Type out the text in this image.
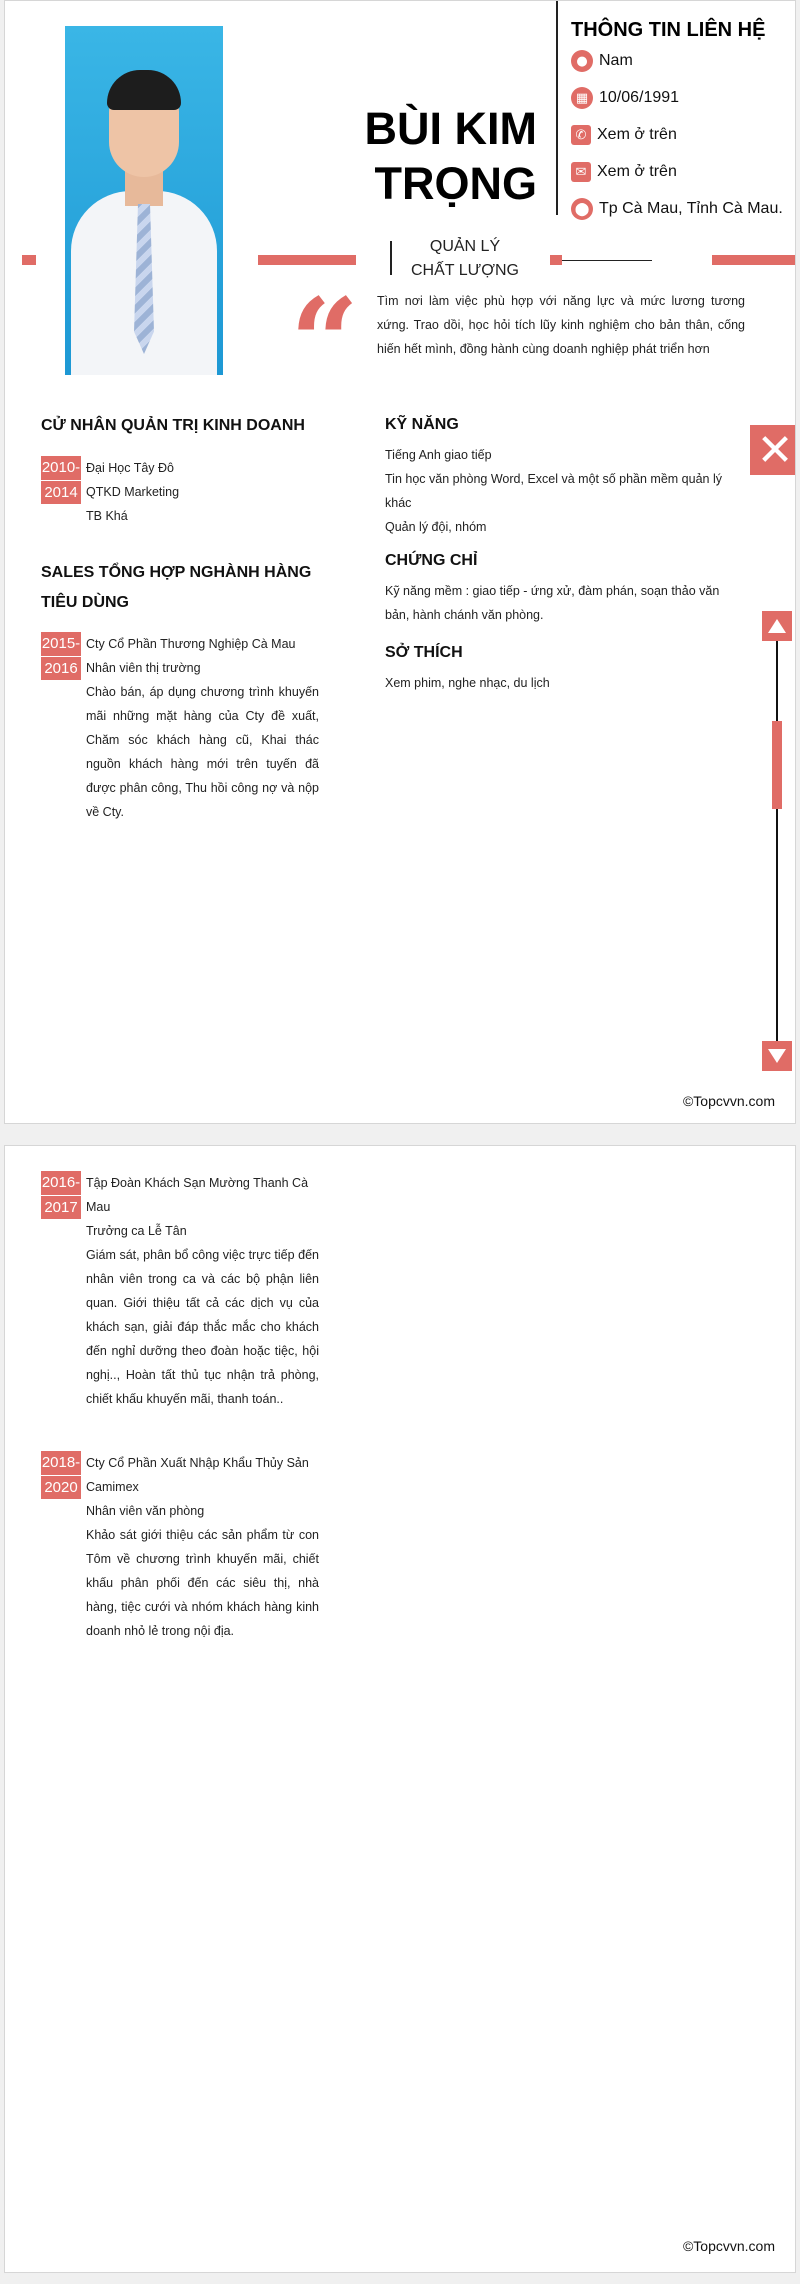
BÙI KIM
TRỌNG
THÔNG TIN LIÊN HỆ
● Nam
▦ 10/06/1991
✆ Xem ở trên
✉ Xem ở trên
⬤ Tp Cà Mau, Tỉnh Cà Mau.
QUẢN LÝ CHẤT LƯỢNG
“ Tìm nơi làm việc phù hợp với năng lực và mức lương tương xứng. Trao dồi, học hỏi tích lũy kinh nghiệm cho bản thân, cống hiến hết mình, đồng hành cùng doanh nghiệp phát triển hơn
CỬ NHÂN QUẢN TRỊ KINH DOANH
2010-
2014
Đại Học Tây Đô
QTKD Marketing
TB Khá
SALES TỔNG HỢP NGHÀNH HÀNG TIÊU DÙNG
2015-
2016
Cty Cổ Phần Thương Nghiệp Cà Mau
Nhân viên thị trường
Chào bán, áp dụng chương trình khuyến mãi những mặt hàng của Cty đề xuất, Chăm sóc khách hàng cũ, Khai thác nguồn khách hàng mới trên tuyến đã được phân công, Thu hồi công nợ và nộp về Cty.
KỸ NĂNG
Tiếng Anh giao tiếp
Tin học văn phòng Word, Excel và một số phần mềm quản lý khác
Quản lý đội, nhóm
CHỨNG CHỈ
Kỹ năng mềm : giao tiếp - ứng xử, đàm phán, soạn thảo văn bản, hành chánh văn phòng.
SỞ THÍCH
Xem phim, nghe nhạc, du lịch
✕
©Topcvvn.com
2016-
2017
Tập Đoàn Khách Sạn Mường Thanh Cà Mau
Trưởng ca Lễ Tân
Giám sát, phân bổ công việc trực tiếp đến nhân viên trong ca và các bộ phận liên quan. Giới thiệu tất cả các dịch vụ của khách sạn, giải đáp thắc mắc cho khách đến nghỉ dưỡng theo đoàn hoặc tiệc, hội nghị.., Hoàn tất thủ tục nhận trả phòng, chiết khấu khuyến mãi, thanh toán..
2018-
2020
Cty Cổ Phần Xuất Nhập Khẩu Thủy Sản Camimex
Nhân viên văn phòng
Khảo sát giới thiệu các sản phẩm từ con Tôm về chương trình khuyến mãi, chiết khấu phân phối đến các siêu thị, nhà hàng, tiệc cưới và nhóm khách hàng kinh doanh nhỏ lẻ trong nội địa.
©Topcvvn.com
